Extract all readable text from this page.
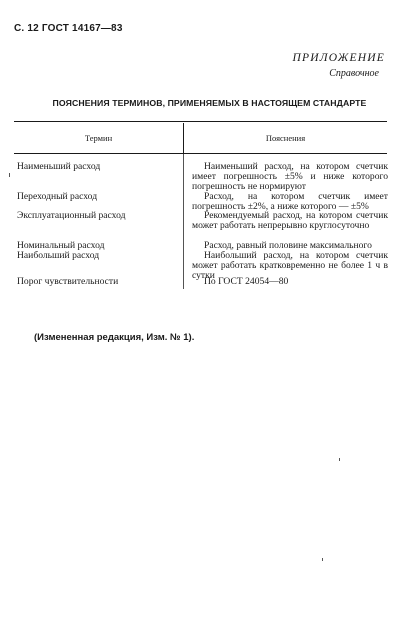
С. 12 ГОСТ 14167—83
ПРИЛОЖЕНИЕ
Справочное
ПОЯСНЕНИЯ ТЕРМИНОВ, ПРИМЕНЯЕМЫХ В НАСТОЯЩЕМ СТАНДАРТЕ
Термин	Пояснения
Наименьший расход
Переходный расход
Эксплуатационный расход
Номинальный расход
Наибольший расход
Порог чувствительности
Наименьший расход, на котором счетчик имеет погрешность ±5% и ниже которого погрешность не нормируют
Расход, на котором счетчик имеет погрешность ±2%, а ниже которого — ±5%
Рекомендуемый расход, на котором счетчик может работать непрерывно круглосуточно
Расход, равный половине максимального
Наибольший расход, на котором счетчик может работать кратковременно не более 1 ч в сутки
По ГОСТ 24054—80
(Измененная редакция, Изм. № 1).
